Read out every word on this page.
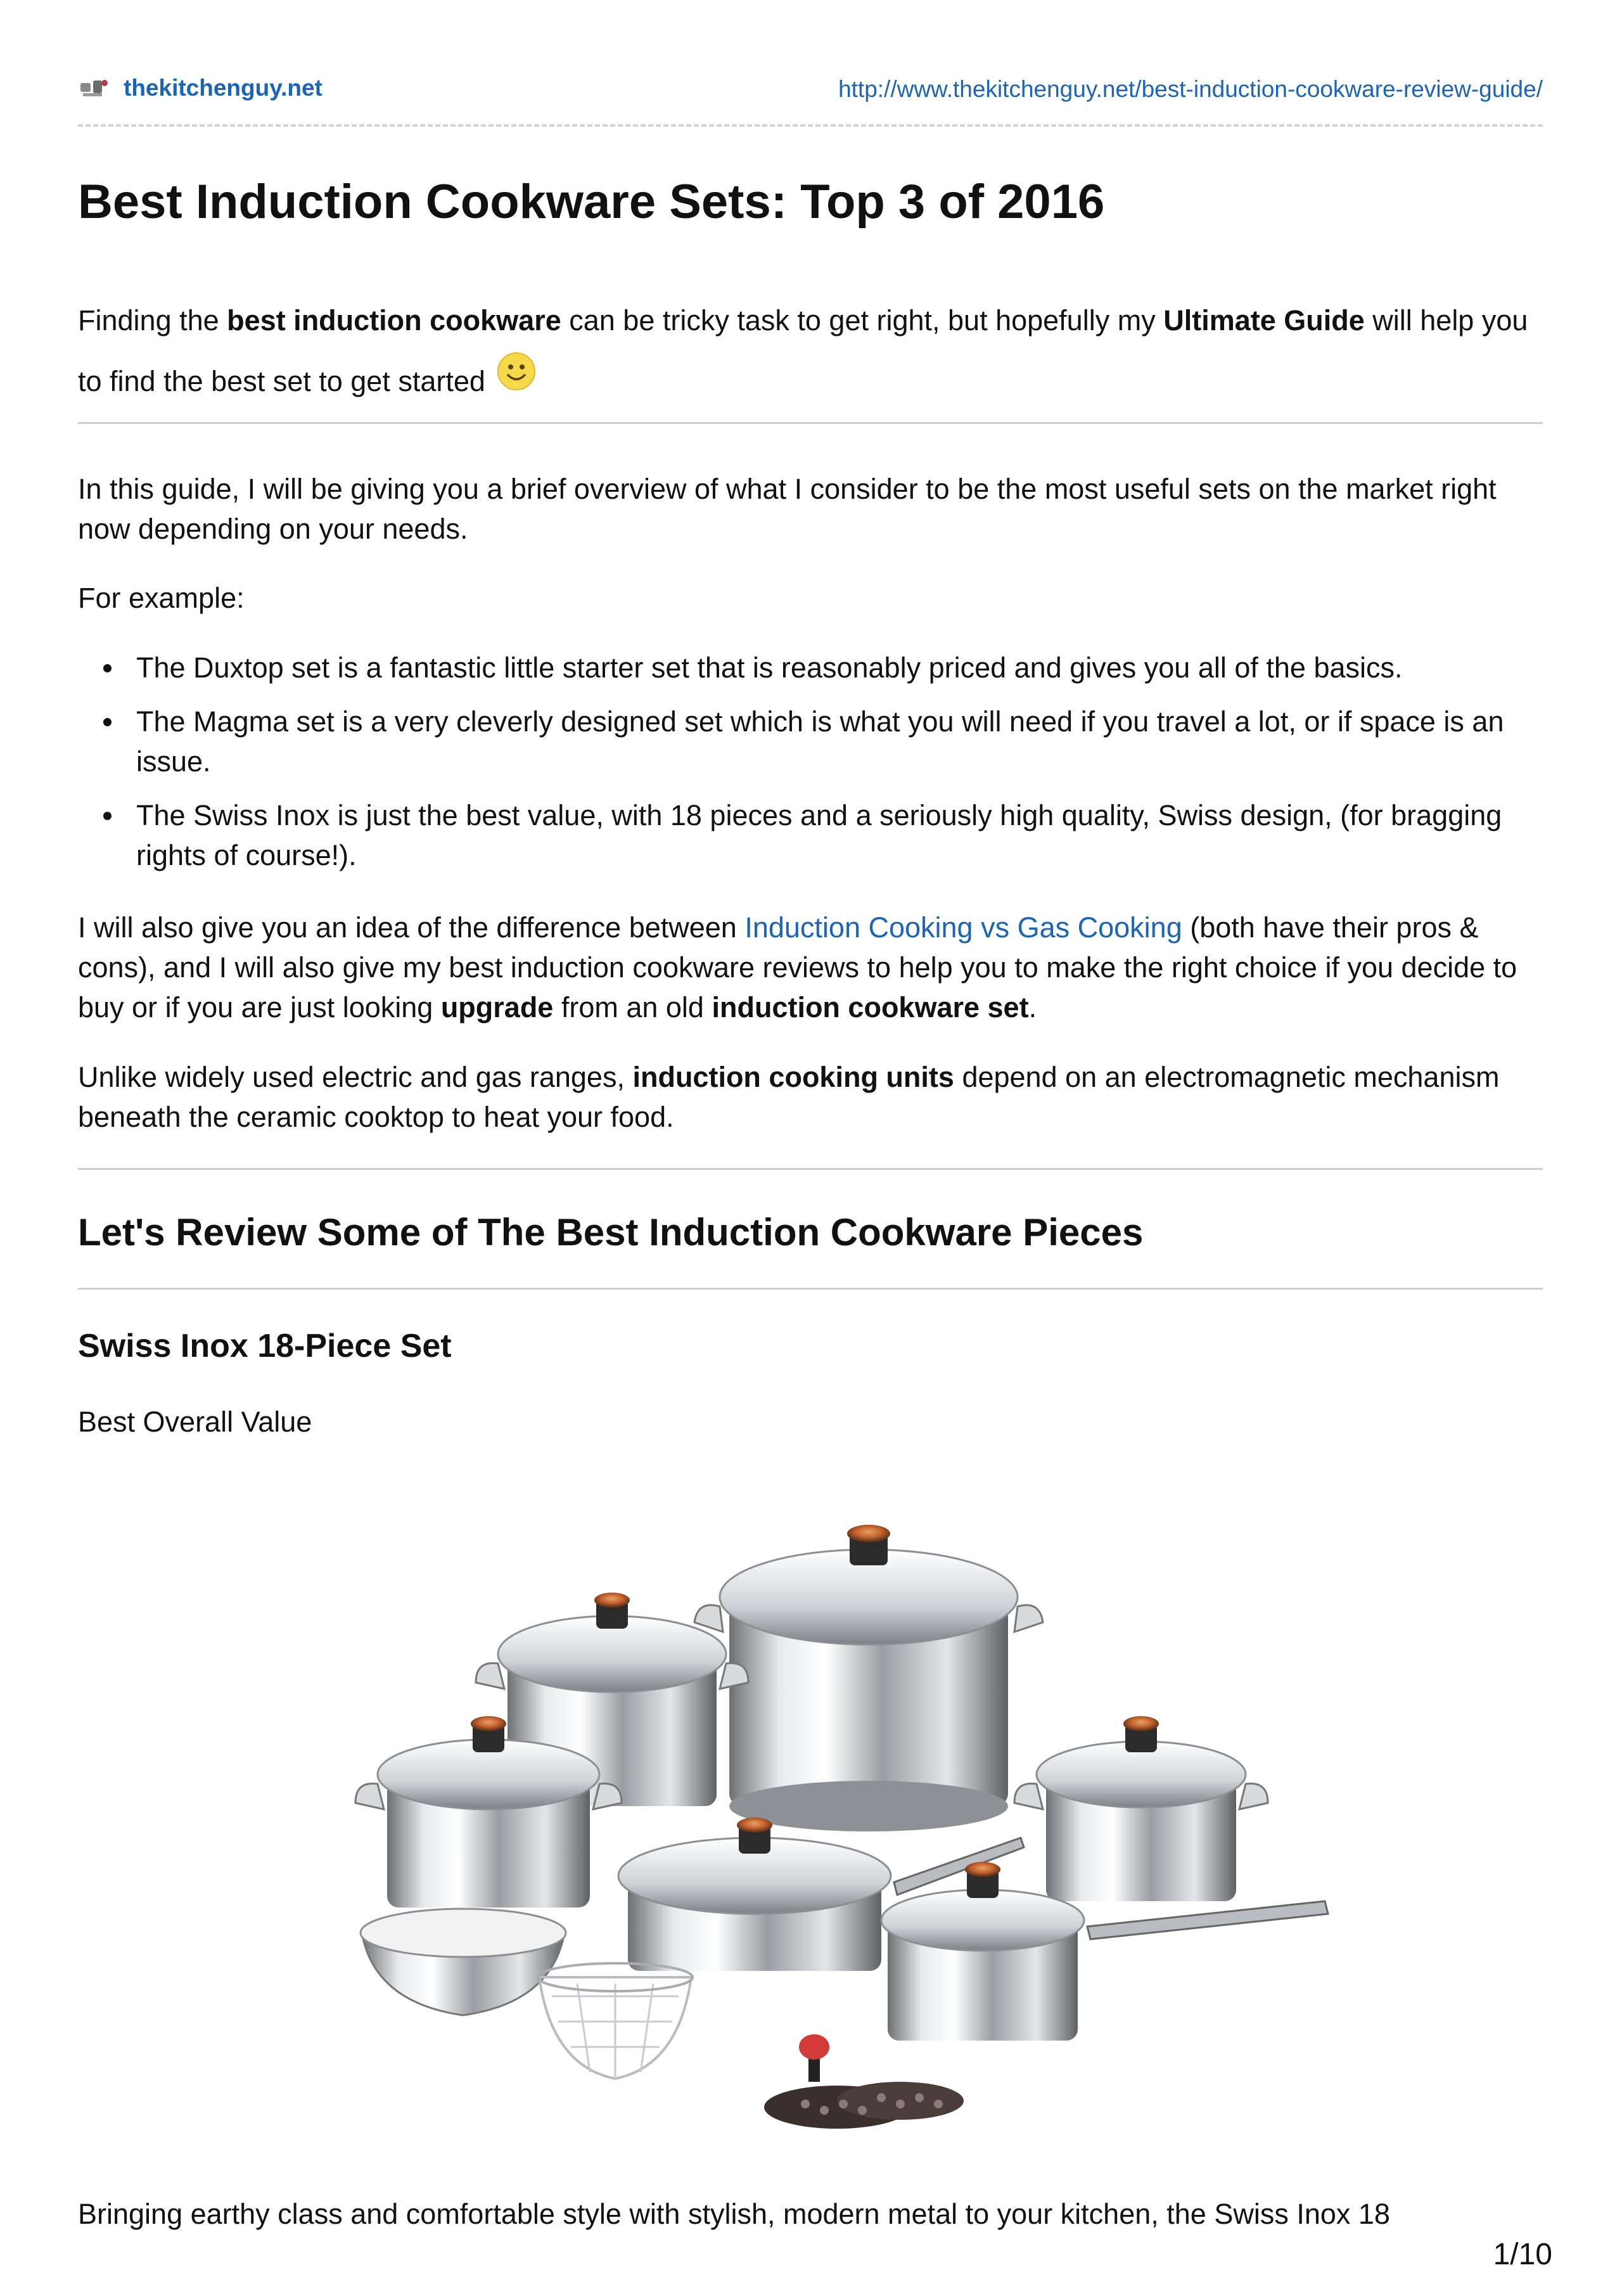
thekitchenguy.net	http://www.thekitchenguy.net/best-induction-cookware-review-guide/
Best Induction Cookware Sets: Top 3 of 2016

Finding the best induction cookware can be tricky task to get right, but hopefully my Ultimate Guide will help you to find the best set to get started

In this guide, I will be giving you a brief overview of what I consider to be the most useful sets on the market right now depending on your needs.

For example:

The Duxtop set is a fantastic little starter set that is reasonably priced and gives you all of the basics.
The Magma set is a very cleverly designed set which is what you will need if you travel a lot, or if space is an issue.
The Swiss Inox is just the best value, with 18 pieces and a seriously high quality, Swiss design, (for bragging rights of course!).

I will also give you an idea of the difference between Induction Cooking vs Gas Cooking (both have their pros & cons), and I will also give my best induction cookware reviews to help you to make the right choice if you decide to buy or if you are just looking upgrade from an old induction cookware set.

Unlike widely used electric and gas ranges, induction cooking units depend on an electromagnetic mechanism beneath the ceramic cooktop to heat your food.

Let's Review Some of The Best Induction Cookware Pieces
Swiss Inox 18-Piece Set

Best Overall Value

Bringing earthy class and comfortable style with stylish, modern metal to your kitchen, the Swiss Inox 18

1/10
